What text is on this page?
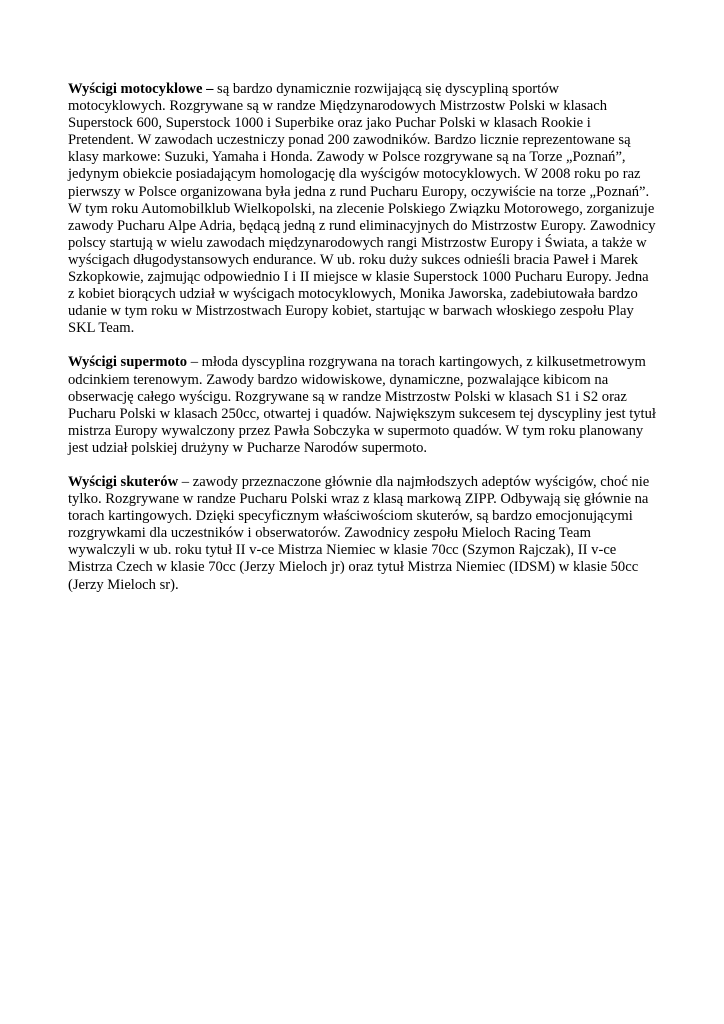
Wyścigi motocyklowe – są bardzo dynamicznie rozwijającą się dyscypliną sportów motocyklowych. Rozgrywane są w randze Międzynarodowych Mistrzostw Polski w klasach Superstock 600, Superstock 1000 i Superbike oraz jako Puchar Polski w klasach Rookie i Pretendent. W zawodach uczestniczy ponad 200 zawodników. Bardzo licznie reprezentowane są klasy markowe: Suzuki, Yamaha i Honda. Zawody w Polsce rozgrywane są na Torze „Poznań”, jedynym obiekcie posiadającym homologację dla wyścigów motocyklowych. W 2008 roku po raz pierwszy w Polsce organizowana była jedna z rund Pucharu Europy, oczywiście na torze „Poznań”. W tym roku Automobilklub Wielkopolski, na zlecenie Polskiego Związku Motorowego, zorganizuje zawody Pucharu Alpe Adria, będącą jedną z rund eliminacyjnych do Mistrzostw Europy. Zawodnicy polscy startują w wielu zawodach międzynarodowych rangi Mistrzostw Europy i Świata, a także w wyścigach długodystansowych endurance. W ub. roku duży sukces odnieśli bracia Paweł i Marek Szkopkowie, zajmując odpowiednio I i II miejsce w klasie Superstock 1000 Pucharu Europy. Jedna z kobiet biorących udział w wyścigach motocyklowych, Monika Jaworska, zadebiutowała bardzo udanie w tym roku w Mistrzostwach Europy kobiet, startując w barwach włoskiego zespołu Play SKL Team.

Wyścigi supermoto – młoda dyscyplina rozgrywana na torach kartingowych, z kilkusetmetrowym odcinkiem terenowym. Zawody bardzo widowiskowe, dynamiczne, pozwalające kibicom na obserwację całego wyścigu. Rozgrywane są w randze Mistrzostw Polski w klasach S1 i S2 oraz Pucharu Polski w klasach 250cc, otwartej i quadów. Największym sukcesem tej dyscypliny jest tytuł mistrza Europy wywalczony przez Pawła Sobczyka w supermoto quadów. W tym roku planowany jest udział polskiej drużyny w Pucharze Narodów supermoto.

Wyścigi skuterów – zawody przeznaczone głównie dla najmłodszych adeptów wyścigów, choć nie tylko. Rozgrywane w randze Pucharu Polski wraz z klasą markową ZIPP. Odbywają się głównie na torach kartingowych. Dzięki specyficznym właściwościom skuterów, są bardzo emocjonującymi rozgrywkami dla uczestników i obserwatorów. Zawodnicy zespołu Mieloch Racing Team wywalczyli w ub. roku tytuł II v-ce Mistrza Niemiec w klasie 70cc (Szymon Rajczak), II v-ce Mistrza Czech w klasie 70cc (Jerzy Mieloch jr) oraz tytuł Mistrza Niemiec (IDSM) w klasie 50cc (Jerzy Mieloch sr).
